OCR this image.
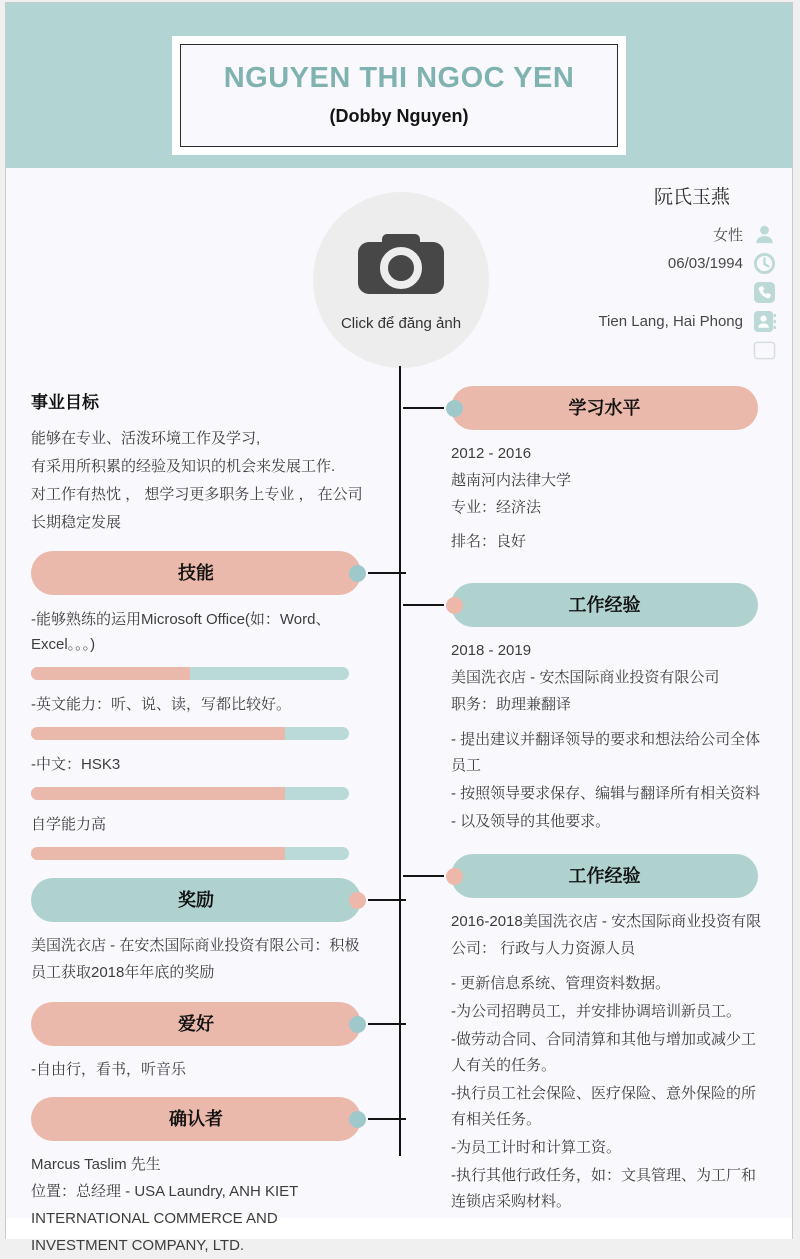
NGUYEN THI NGOC YEN
(Dobby Nguyen)
Click để đăng ảnh
阮氏玉燕
女性
06/03/1994
Tien Lang, Hai Phong
事业目标

能够在专业、活泼环境工作及学习,

有采用所积累的经验及知识的机会来发展工作.

对工作有热忱 ， 想学习更多职务上专业 ， 在公司长期稳定发展

技能
-能够熟练的运用Microsoft Office(如：Word、Excel。。。)
-英文能力：听、说、读，写都比较好。
-中文：HSK3
自学能力高
奖励
美国洗衣店 - 在安杰国际商业投资有限公司：积极员工获取2018年年底的奖励
爱好
-自由行，看书，听音乐
确认者

Marcus Taslim 先生

位置：总经理 - USA Laundry, ANH KIET INTERNATIONAL COMMERCE AND INVESTMENT COMPANY, LTD.

学习水平
2012 - 2016
越南河内法律大学
专业：经济法
排名：良好
工作经验
2018 - 2019
美国洗衣店 - 安杰国际商业投资有限公司
职务：助理兼翻译

- 提出建议并翻译领导的要求和想法给公司全体员工

- 按照领导要求保存、编辑与翻译所有相关资料

- 以及领导的其他要求。

工作经验
2016-2018美国洗衣店 - 安杰国际商业投资有限公司： 行政与人力资源人员

- 更新信息系统、管理资料数据。

-为公司招聘员工，并安排协调培训新员工。

-做劳动合同、合同清算和其他与增加或减少工人有关的任务。

-执行员工社会保险、医疗保险、意外保险的所有相关任务。

-为员工计时和计算工资。

-执行其他行政任务，如：文具管理、为工厂和连锁店采购材料。
